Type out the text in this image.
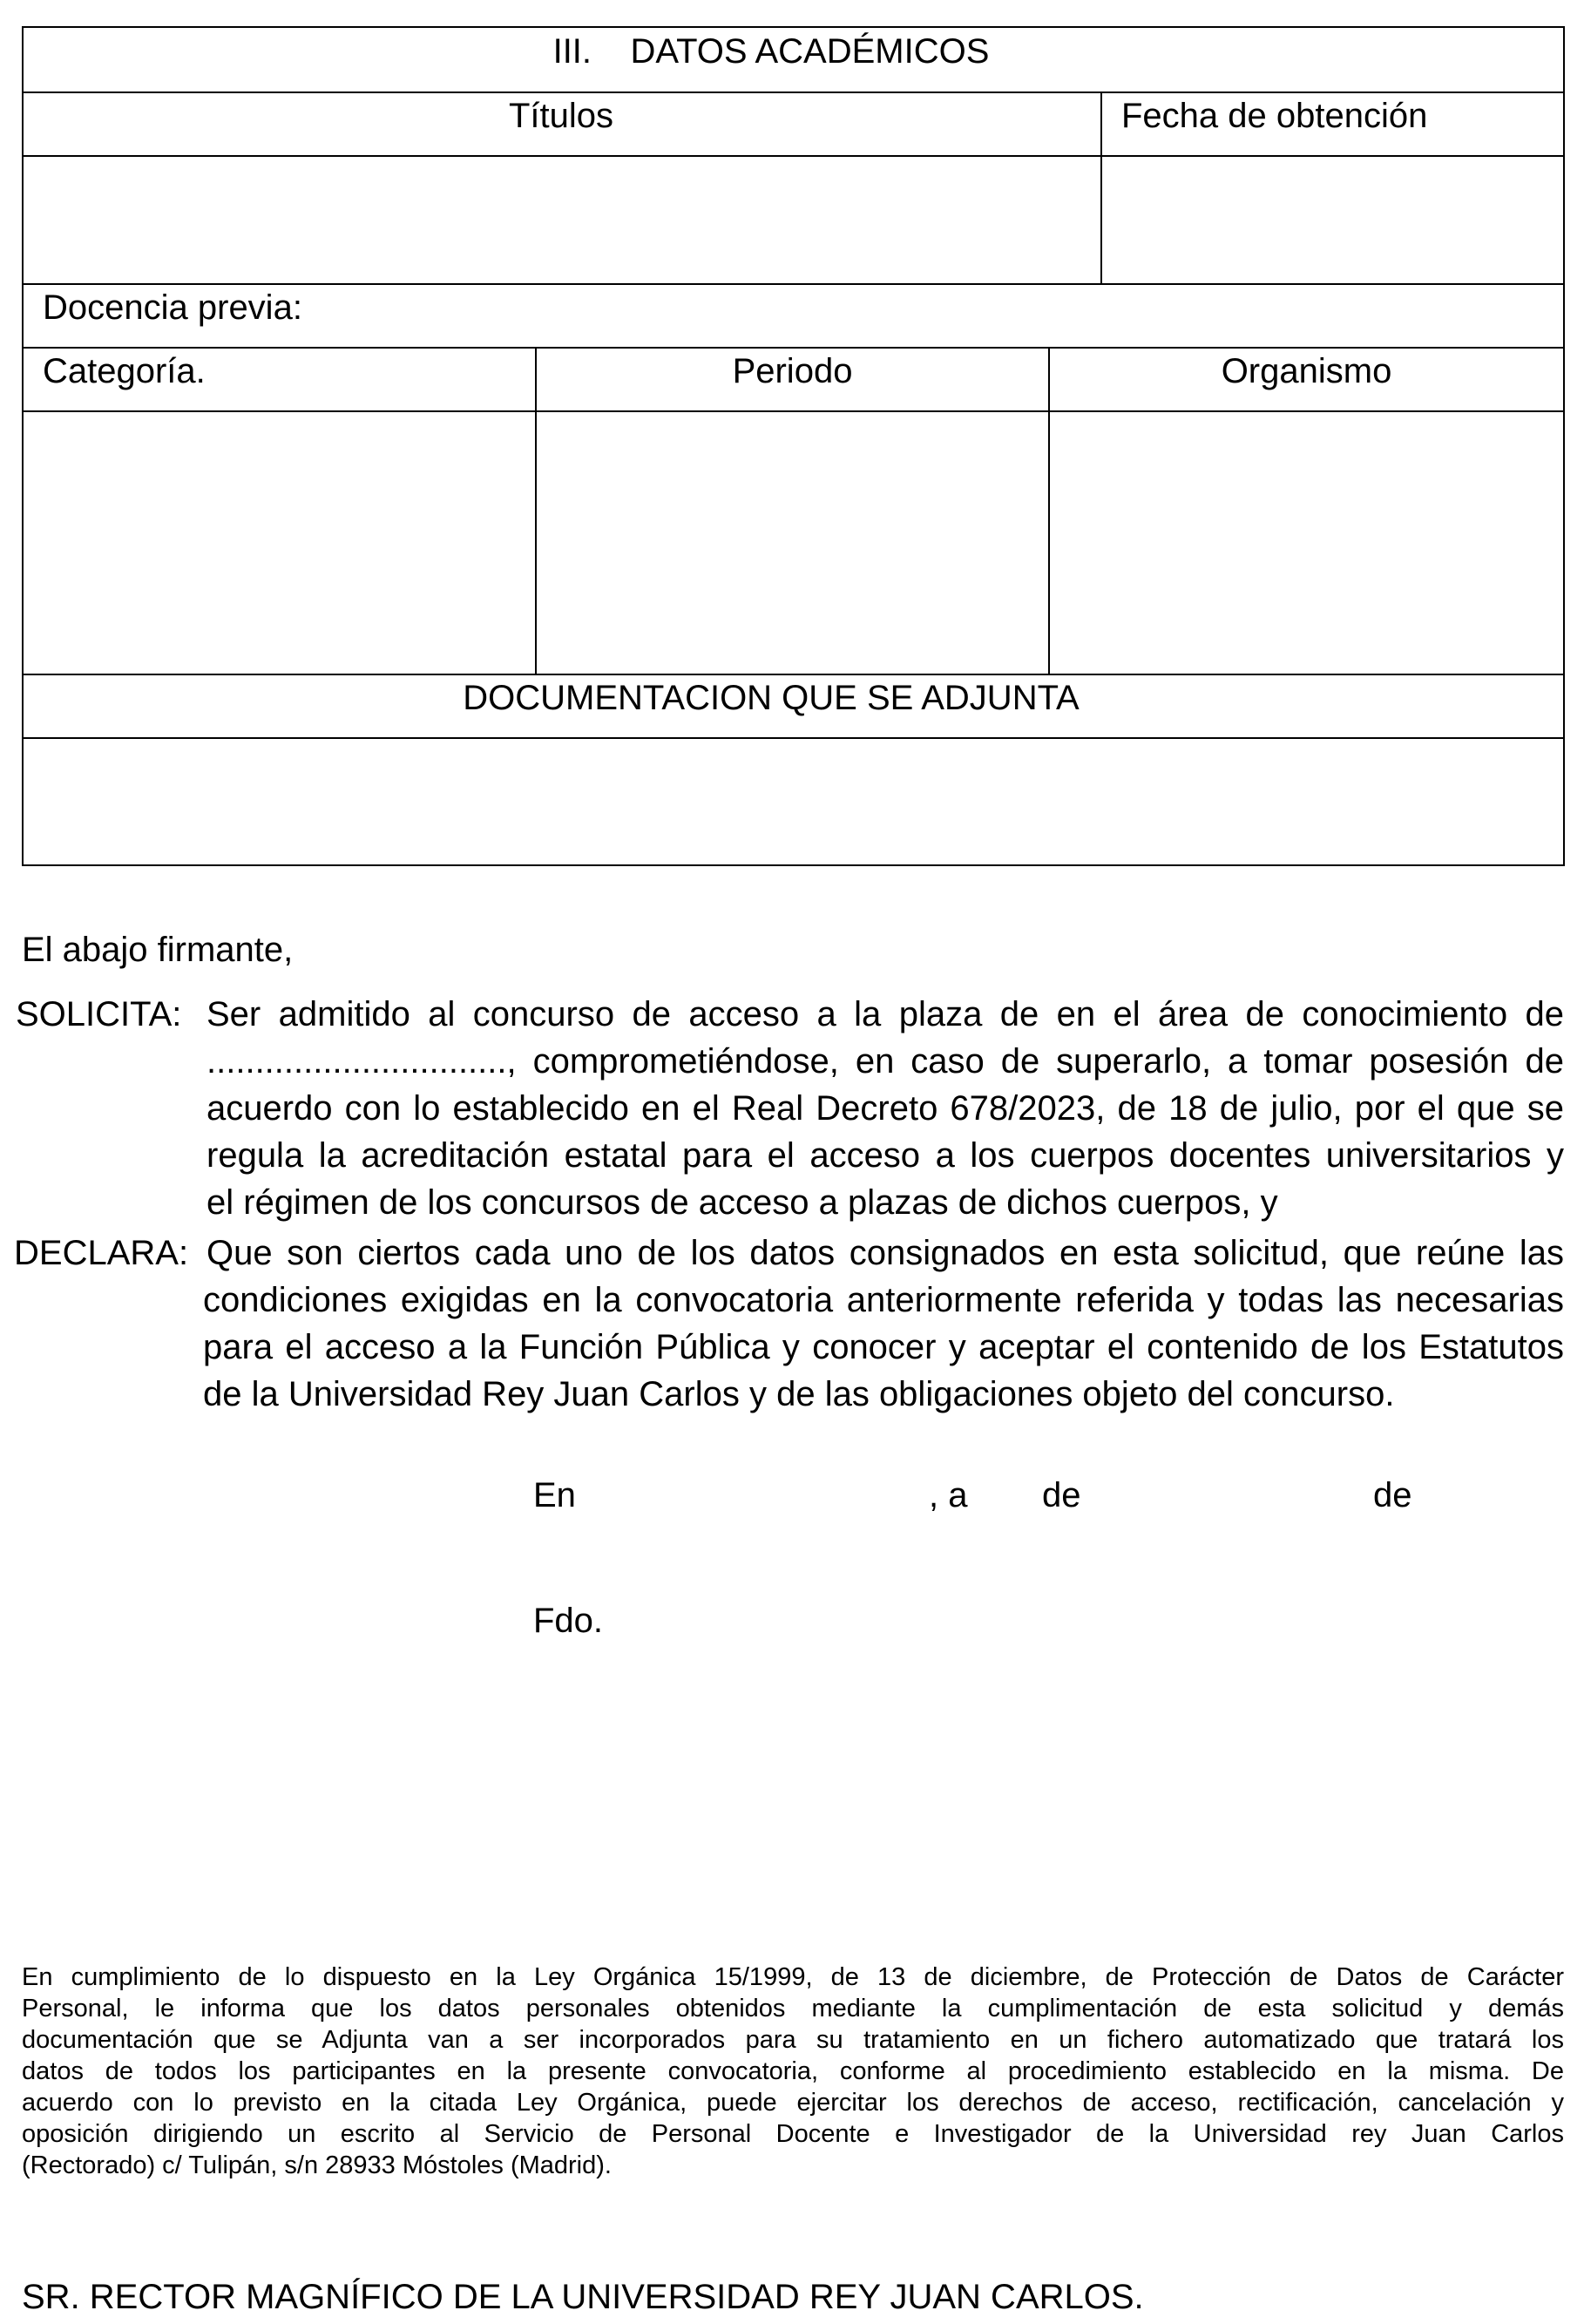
III.    DATOS ACADÉMICOS
Títulos	Fecha de obtención
Docencia previa:
Categoría.	Periodo	Organismo
DOCUMENTACION QUE SE ADJUNTA
El abajo firmante,
SOLICITA: Ser admitido al concurso de acceso a la plaza de en el área de conocimiento de
..............................., comprometiéndose, en caso de superarlo, a tomar posesión de
acuerdo con lo establecido en el Real Decreto 678/2023, de 18 de julio, por el que se
regula la acreditación estatal para el acceso a los cuerpos docentes universitarios y
el régimen de los concursos de acceso a plazas de dichos cuerpos, y
DECLARA: Que son ciertos cada uno de los datos consignados en esta solicitud, que reúne las
condiciones exigidas en la convocatoria anteriormente referida y todas las necesarias
para el acceso a la Función Pública y conocer y aceptar el contenido de los Estatutos
de la Universidad Rey Juan Carlos y de las obligaciones objeto del concurso.
En	, a de	de
Fdo.
En cumplimiento de lo dispuesto en la Ley Orgánica 15/1999, de 13 de diciembre, de Protección de Datos de Carácter
Personal, le informa que los datos personales obtenidos mediante la cumplimentación de esta solicitud y demás
documentación que se Adjunta van a ser incorporados para su tratamiento en un fichero automatizado que tratará los
datos de todos los participantes en la presente convocatoria, conforme al procedimiento establecido en la misma. De
acuerdo con lo previsto en la citada Ley Orgánica, puede ejercitar los derechos de acceso, rectificación, cancelación y
oposición dirigiendo un escrito al Servicio de Personal Docente e Investigador de la Universidad rey Juan Carlos
(Rectorado) c/ Tulipán, s/n 28933 Móstoles (Madrid).
SR. RECTOR MAGNÍFICO DE LA UNIVERSIDAD REY JUAN CARLOS.
